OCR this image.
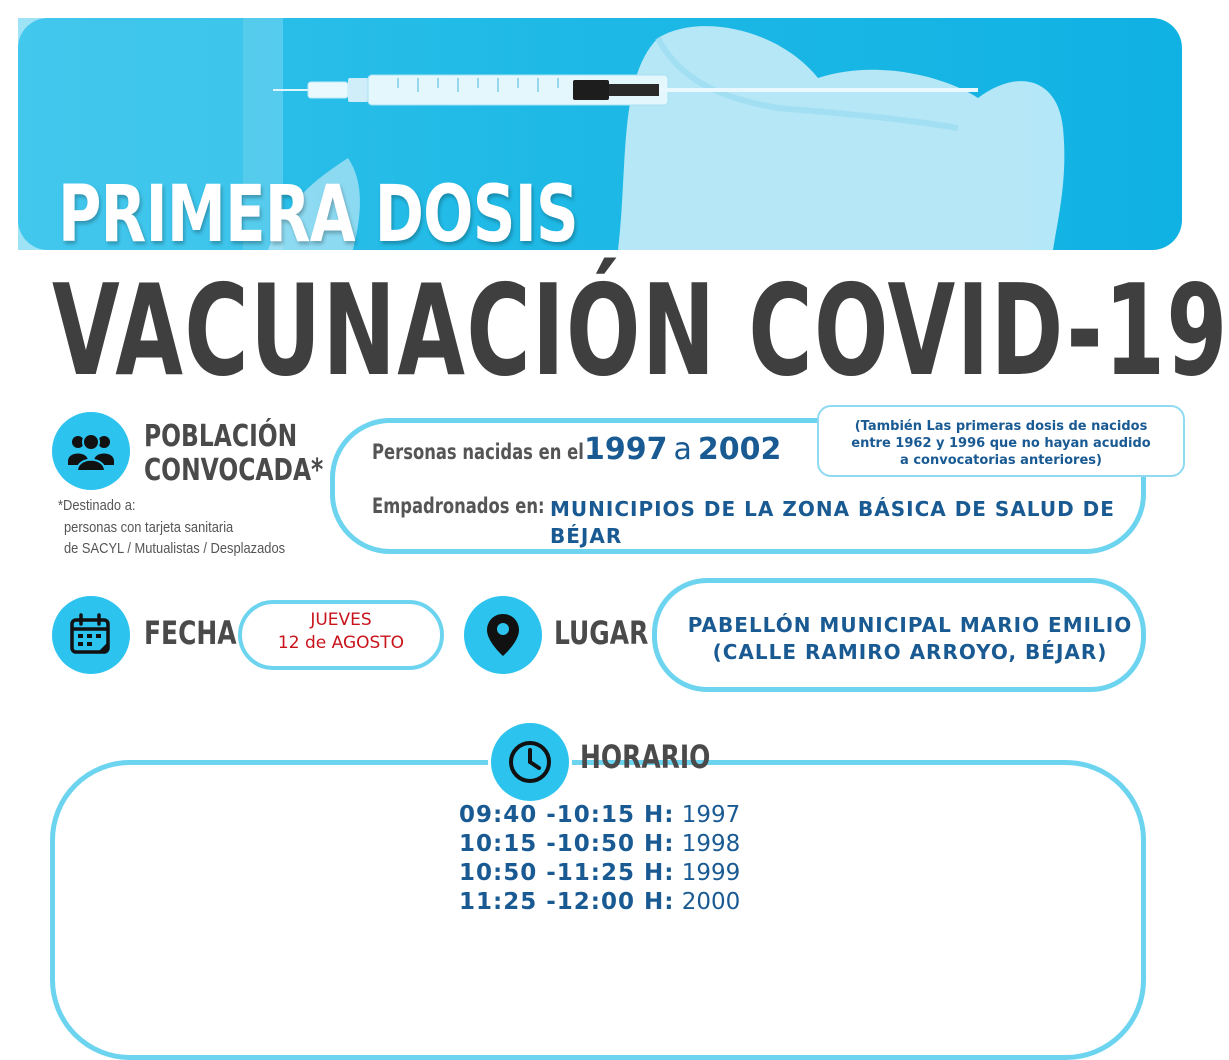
PRIMERA DOSIS
VACUNACIÓN COVID-19
POBLACIÓN
CONVOCADA*
*Destinado a:
personas con tarjeta sanitaria
de SACYL / Mutualistas / Desplazados
Personas nacidas en el 1997 a 2002
Empadronados en: MUNICIPIOS DE LA ZONA BÁSICA DE SALUD DE BÉJAR
(También Las primeras dosis de nacidos
entre 1962 y 1996 que no hayan acudido
a convocatorias anteriores)
FECHA	JUEVES
12 de AGOSTO	LUGAR	PABELLÓN MUNICIPAL MARIO EMILIO
(CALLE RAMIRO ARROYO, BÉJAR)
HORARIO
09:40 -10:15 H: 1997
10:15 -10:50 H: 1998
10:50 -11:25 H: 1999
11:25 -12:00 H: 2000
